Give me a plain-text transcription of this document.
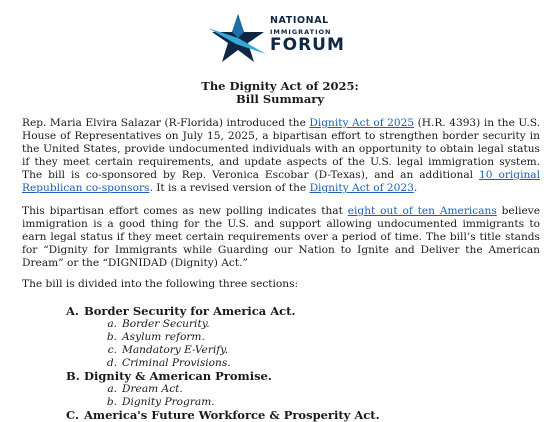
NATIONAL
IMMIGRATION
FORUM
The Dignity Act of 2025:
Bill Summary
Rep. Maria Elvira Salazar (R-Florida) introduced the Dignity Act of 2025 (H.R. 4393) in the U.S. House of Representatives on July 15, 2025, a bipartisan effort to strengthen border security in the United States, provide undocumented individuals with an opportunity to obtain legal status if they meet certain requirements, and update aspects of the U.S. legal immigration system. The bill is co-sponsored by Rep. Veronica Escobar (D-Texas), and an additional 10 original Republican co-sponsors. It is a revised version of the Dignity Act of 2023.
This bipartisan effort comes as new polling indicates that eight out of ten Americans believe immigration is a good thing for the U.S. and support allowing undocumented immigrants to earn legal status if they meet certain requirements over a period of time. The bill’s title stands for “Dignity for Immigrants while Guarding our Nation to Ignite and Deliver the American Dream” or the “DIGNIDAD (Dignity) Act.”
The bill is divided into the following three sections:
A. Border Security for America Act.
a. Border Security.
b. Asylum reform.
c. Mandatory E-Verify.
d. Criminal Provisions.
B. Dignity & American Promise.
a. Dream Act.
b. Dignity Program.
C. America's Future Workforce & Prosperity Act.
